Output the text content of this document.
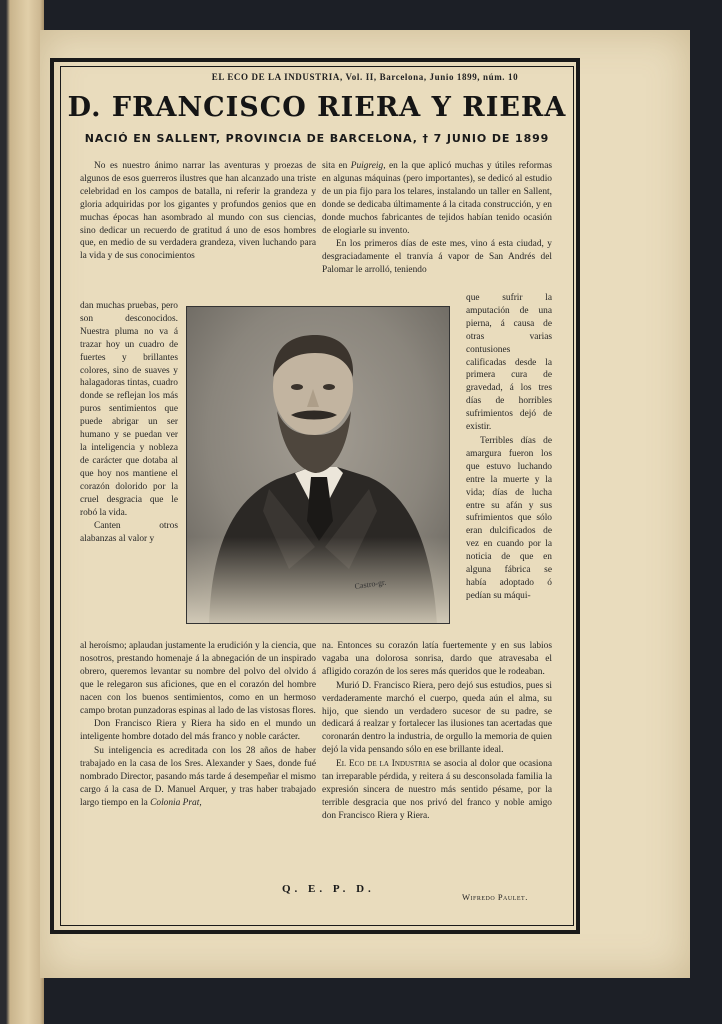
EL ECO DE LA INDUSTRIA, Vol. II, Barcelona, Junio 1899, núm. 10
D. FRANCISCO RIERA Y RIERA
NACIÓ EN SALLENT, PROVINCIA DE BARCELONA, † 7 JUNIO DE 1899

No es nuestro ánimo narrar las aventuras y proezas de algunos de esos guerreros ilustres que han alcanzado una triste celebridad en los campos de batalla, ni referir la grandeza y gloria adquiridas por los gigantes y profundos genios que en muchas épocas han asombrado al mundo con sus ciencias, sino dedicar un recuerdo de gratitud á uno de esos hombres que, en medio de su verdadera grandeza, viven luchando para la vida y de sus conocimientos

sita en Puigreig, en la que aplicó muchas y útiles reformas en algunas máquinas (pero importantes), se dedicó al estudio de un pia fijo para los telares, instalando un taller en Sallent, donde se dedicaba últimamente á la citada construcción, y en donde muchos fabricantes de tejidos habían tenido ocasión de elogiarle su invento.

En los primeros días de este mes, vino á esta ciudad, y desgraciadamente el tranvía á vapor de San Andrés del Palomar le arrolló, teniendo

dan muchas pruebas, pero son desconocidos. Nuestra pluma no va á trazar hoy un cuadro de fuertes y brillantes colores, sino de suaves y halagadoras tintas, cuadro donde se reflejan los más puros sentimientos que puede abrigar un ser humano y se puedan ver la inteligencia y nobleza de carácter que dotaba al que hoy nos mantiene el corazón dolorido por la cruel desgracia que le robó la vida.

Canten otros alabanzas al valor y

que sufrir la amputación de una pierna, á causa de otras varias contusiones calificadas desde la primera cura de gravedad, á los tres días de horribles sufrimientos dejó de existir.

Terribles días de amargura fueron los que estuvo luchando entre la muerte y la vida; días de lucha entre su afán y sus sufrimientos que sólo eran dulcificados de vez en cuando por la noticia de que en alguna fábrica se había adoptado ó pedían su máqui-

Castro-gr.

al heroísmo; aplaudan justamente la erudición y la ciencia, que nosotros, prestando homenaje á la abnegación de un inspirado obrero, queremos levantar su nombre del polvo del olvido á que le relegaron sus aficiones, que en el corazón del hombre nacen con los buenos sentimientos, como en un hermoso campo brotan punzadoras espinas al lado de las vistosas flores.

Don Francisco Riera y Riera ha sido en el mundo un inteligente hombre dotado del más franco y noble carácter.

Su inteligencia es acreditada con los 28 años de haber trabajado en la casa de los Sres. Alexander y Saes, donde fué nombrado Director, pasando más tarde á desempeñar el mismo cargo á la casa de D. Manuel Arquer, y tras haber trabajado largo tiempo en la Colonia Prat,

na. Entonces su corazón latía fuertemente y en sus labios vagaba una dolorosa sonrisa, dardo que atravesaba el afligido corazón de los seres más queridos que le rodeaban.

Murió D. Francisco Riera, pero dejó sus estudios, pues si verdaderamente marchó el cuerpo, queda aún el alma, su hijo, que siendo un verdadero sucesor de su padre, se dedicará á realzar y fortalecer las ilusiones tan acertadas que coronarán dentro la industria, de orgullo la memoria de quien dejó la vida pensando sólo en ese brillante ideal.

El Eco de la Industria se asocia al dolor que ocasiona tan irreparable pérdida, y reitera á su desconsolada familia la expresión sincera de nuestro más sentido pésame, por la terrible desgracia que nos privó del franco y noble amigo don Francisco Riera y Riera.

Q. E. P. D.
Wifredo Paulet.
